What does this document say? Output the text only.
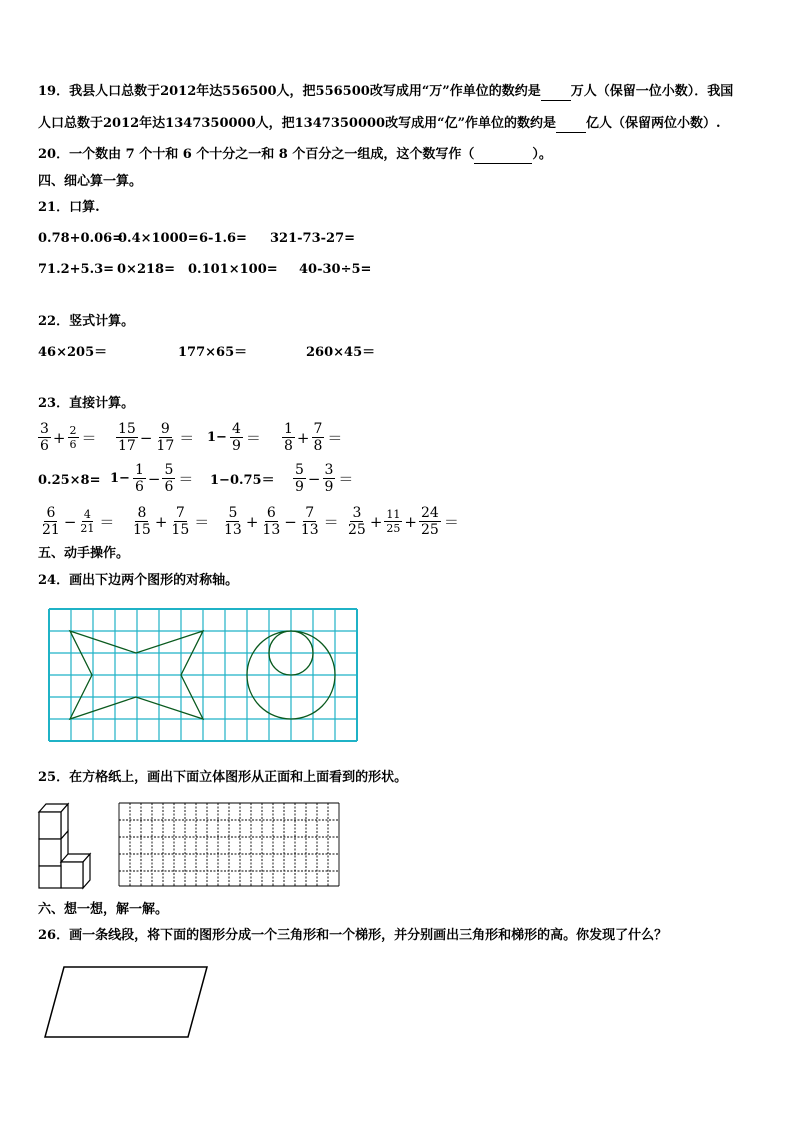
19．我县人口总数于2012年达556500人，把556500改写成用“万”作单位的数约是 万人（保留一位小数）．我国
人口总数于2012年达1347350000人，把1347350000改写成用“亿”作单位的数约是 亿人（保留两位小数）.
20．一个数由 7 个十和 6 个十分之一和 8 个百分之一组成，这个数写作（	）。
四、细心算一算。
21．口算.
0.78+0.06=
0.4×1000= 6-1.6= 321-73-27=
71.2+5.3= 0×218= 0.101×100= 40-30÷5=
22．竖式计算。
46×205＝	177×65＝	260×45＝
23．直接计算。
$\frac{3}{6} + \frac{2}{6} = \frac{15}{17} - \frac{9}{17} = 1- \frac{4}{9} = \frac{1}{8} + \frac{7}{8}$ ＝
$0.25\times 8= 1- \frac{1}{6} - \frac{5}{6} = 1-0.75= \frac{5}{9} - \frac{3}{9}$ ＝
$\frac{6}{21} - \frac{4}{21} = \frac{8}{15} + \frac{7}{15} = \frac{5}{13} + \frac{6}{13} - \frac{7}{13} = \frac{3}{25} + \frac{11}{25} + \frac{24}{25}$ ＝
五、动手操作。
24．画出下边两个图形的对称轴。
25．在方格纸上，画出下面立体图形从正面和上面看到的形状。
六、想一想，解一解。
26．画一条线段，将下面的图形分成一个三角形和一个梯形，并分别画出三角形和梯形的高。你发现了什么？
